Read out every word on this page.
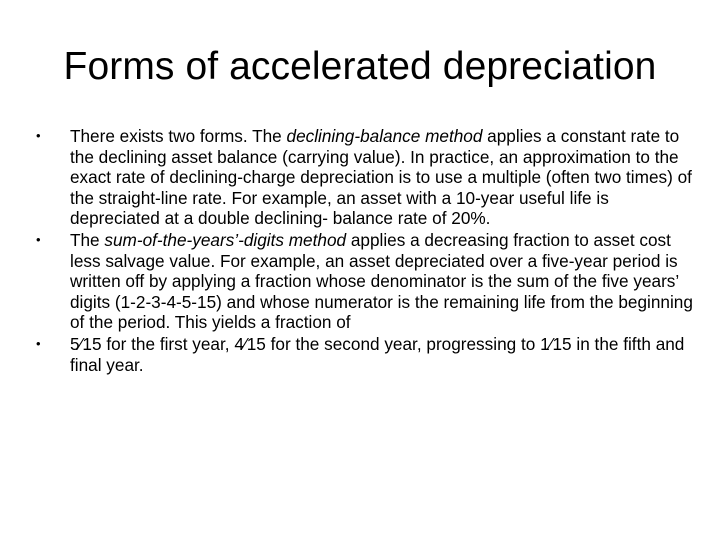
Forms of accelerated depreciation
•	There exists two forms. The declining-balance method applies a constant rate to the declining asset balance (carrying value). In practice, an approximation to the exact rate of declining-charge depreciation is to use a multiple (often two times) of the straight-line rate. For example, an asset with a 10-year useful life is depreciated at a double declining- balance rate of 20%.
•	The sum-of-the-years’-digits method applies a decreasing fraction to asset cost less salvage value. For example, an asset depreciated over a five-year period is written off by applying a fraction whose denominator is the sum of the five years’ digits (1-2-3-4-5-15) and whose numerator is the remaining life from the beginning of the period. This yields a fraction of
•	5⁄15 for the first year, 4⁄15 for the second year, progressing to 1⁄15 in the fifth and final year.
